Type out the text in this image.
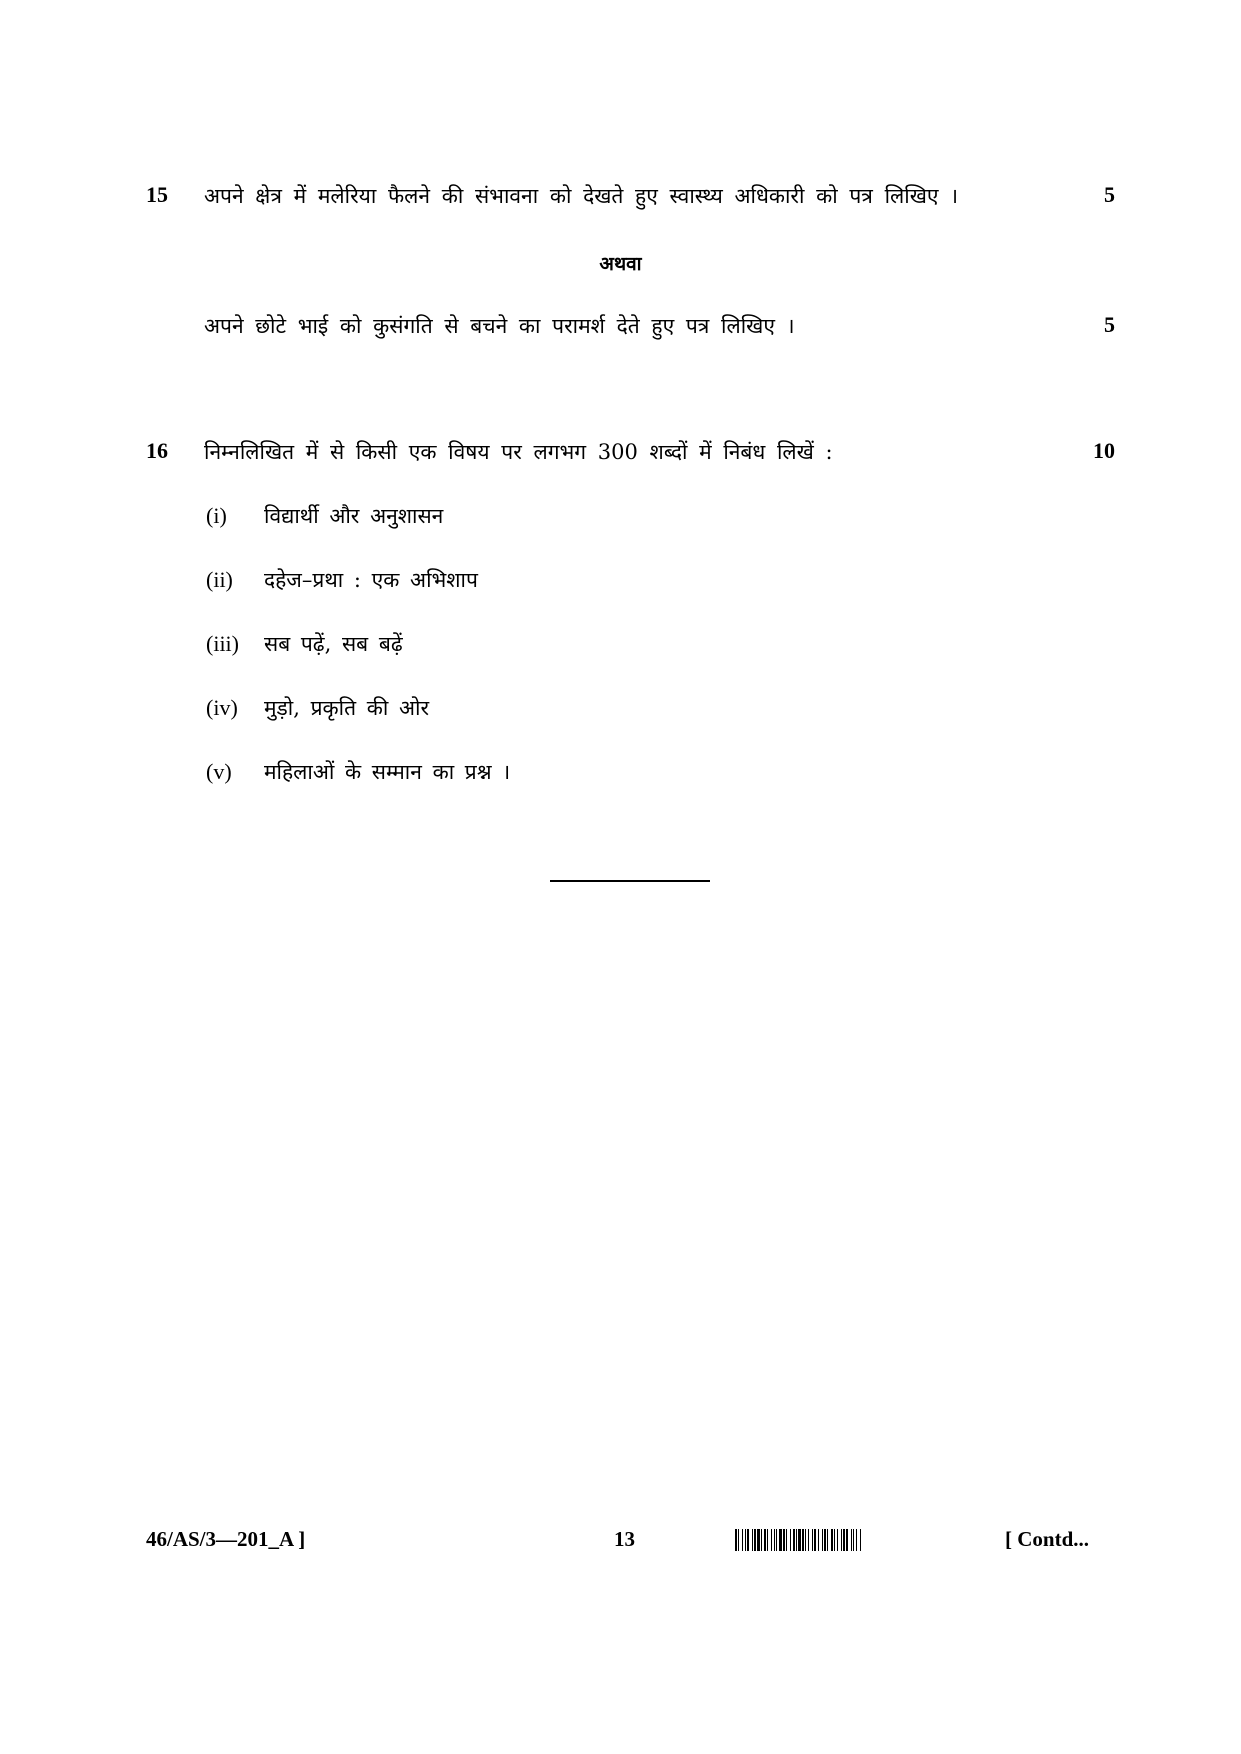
15 अपने क्षेत्र में मलेरिया फैलने की संभावना को देखते हुए स्वास्थ्य अधिकारी को पत्र लिखिए ।	5
अथवा
अपने छोटे भाई को कुसंगति से बचने का परामर्श देते हुए पत्र लिखिए ।	5
16 निम्नलिखित में से किसी एक विषय पर लगभग 300 शब्दों में निबंध लिखें :	10
(i) विद्यार्थी और अनुशासन
(ii) दहेज–प्रथा : एक अभिशाप
(iii) सब पढ़ें, सब बढ़ें
(iv) मुड़ो, प्रकृति की ओर
(v) महिलाओं के सम्मान का प्रश्न ।
46/AS/3—201_A ]	13	[ Contd...
